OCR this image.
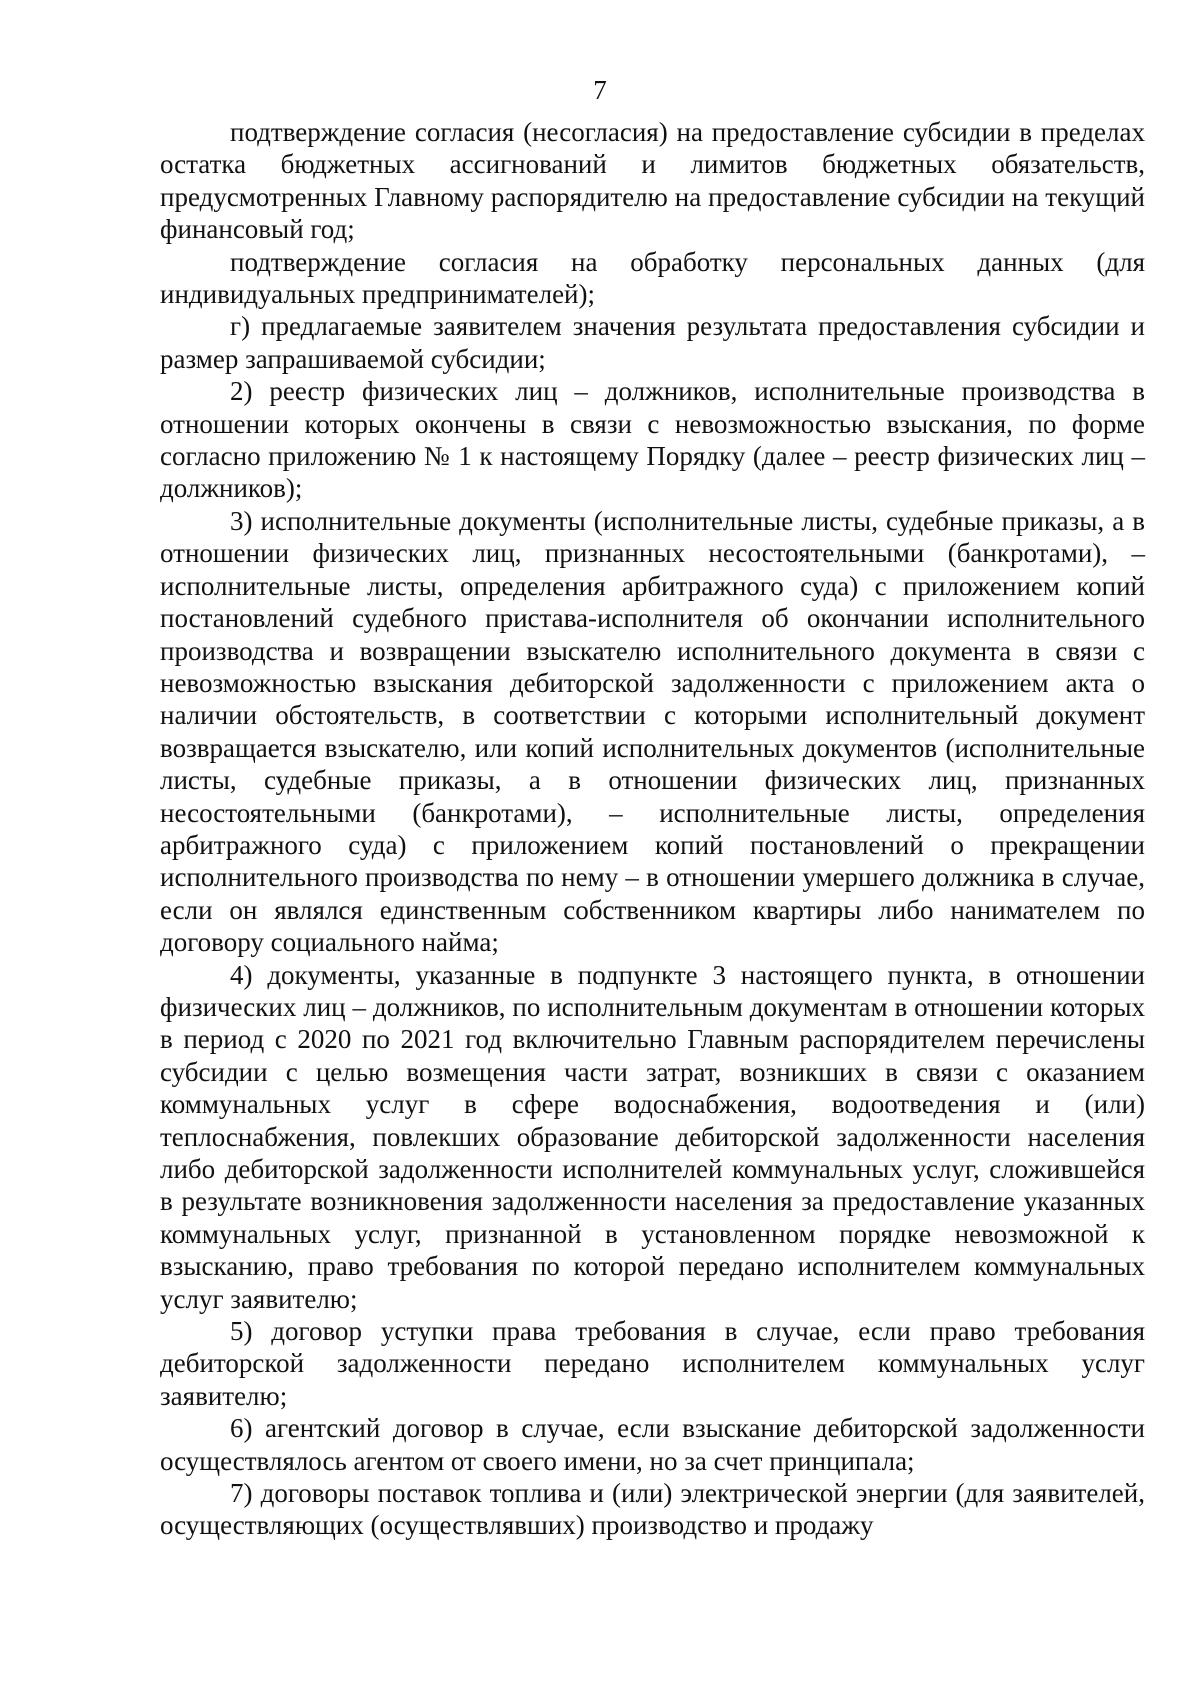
7

подтверждение согласия (несогласия) на предоставление субсидии в пределах остатка бюджетных ассигнований и лимитов бюджетных обязательств, предусмотренных Главному распорядителю на предоставление субсидии на текущий финансовый год;

подтверждение согласия на обработку персональных данных (для индивидуальных предпринимателей);

г) предлагаемые заявителем значения результата предоставления субсидии и размер запрашиваемой субсидии;

2) реестр физических лиц – должников, исполнительные производства в отношении которых окончены в связи с невозможностью взыскания, по форме согласно приложению № 1 к настоящему Порядку (далее – реестр физических лиц – должников);

3) исполнительные документы (исполнительные листы, судебные приказы, а в отношении физических лиц, признанных несостоятельными (банкротами), – исполнительные листы, определения арбитражного суда) с приложением копий постановлений судебного пристава-исполнителя об окончании исполнительного производства и возвращении взыскателю исполнительного документа в связи с невозможностью взыскания дебиторской задолженности с приложением акта о наличии обстоятельств, в соответствии с которыми исполнительный документ возвращается взыскателю, или копий исполнительных документов (исполнительные листы, судебные приказы, а в отношении физических лиц, признанных несостоятельными (банкротами), – исполнительные листы, определения арбитражного суда) с приложением копий постановлений о прекращении исполнительного производства по нему – в отношении умершего должника в случае, если он являлся единственным собственником квартиры либо нанимателем по договору социального найма;

4) документы, указанные в подпункте 3 настоящего пункта, в отношении физических лиц – должников, по исполнительным документам в отношении которых в период с 2020 по 2021 год включительно Главным распорядителем перечислены субсидии с целью возмещения части затрат, возникших в связи с оказанием коммунальных услуг в сфере водоснабжения, водоотведения и (или) теплоснабжения, повлекших образование дебиторской задолженности населения либо дебиторской задолженности исполнителей коммунальных услуг, сложившейся в результате возникновения задолженности населения за предоставление указанных коммунальных услуг, признанной в установленном порядке невозможной к взысканию, право требования по которой передано исполнителем коммунальных услуг заявителю;

5) договор уступки права требования в случае, если право требования дебиторской задолженности передано исполнителем коммунальных услуг заявителю;

6) агентский договор в случае, если взыскание дебиторской задолженности осуществлялось агентом от своего имени, но за счет принципала;

7) договоры поставок топлива и (или) электрической энергии (для заявителей, осуществляющих (осуществлявших) производство и продажу
